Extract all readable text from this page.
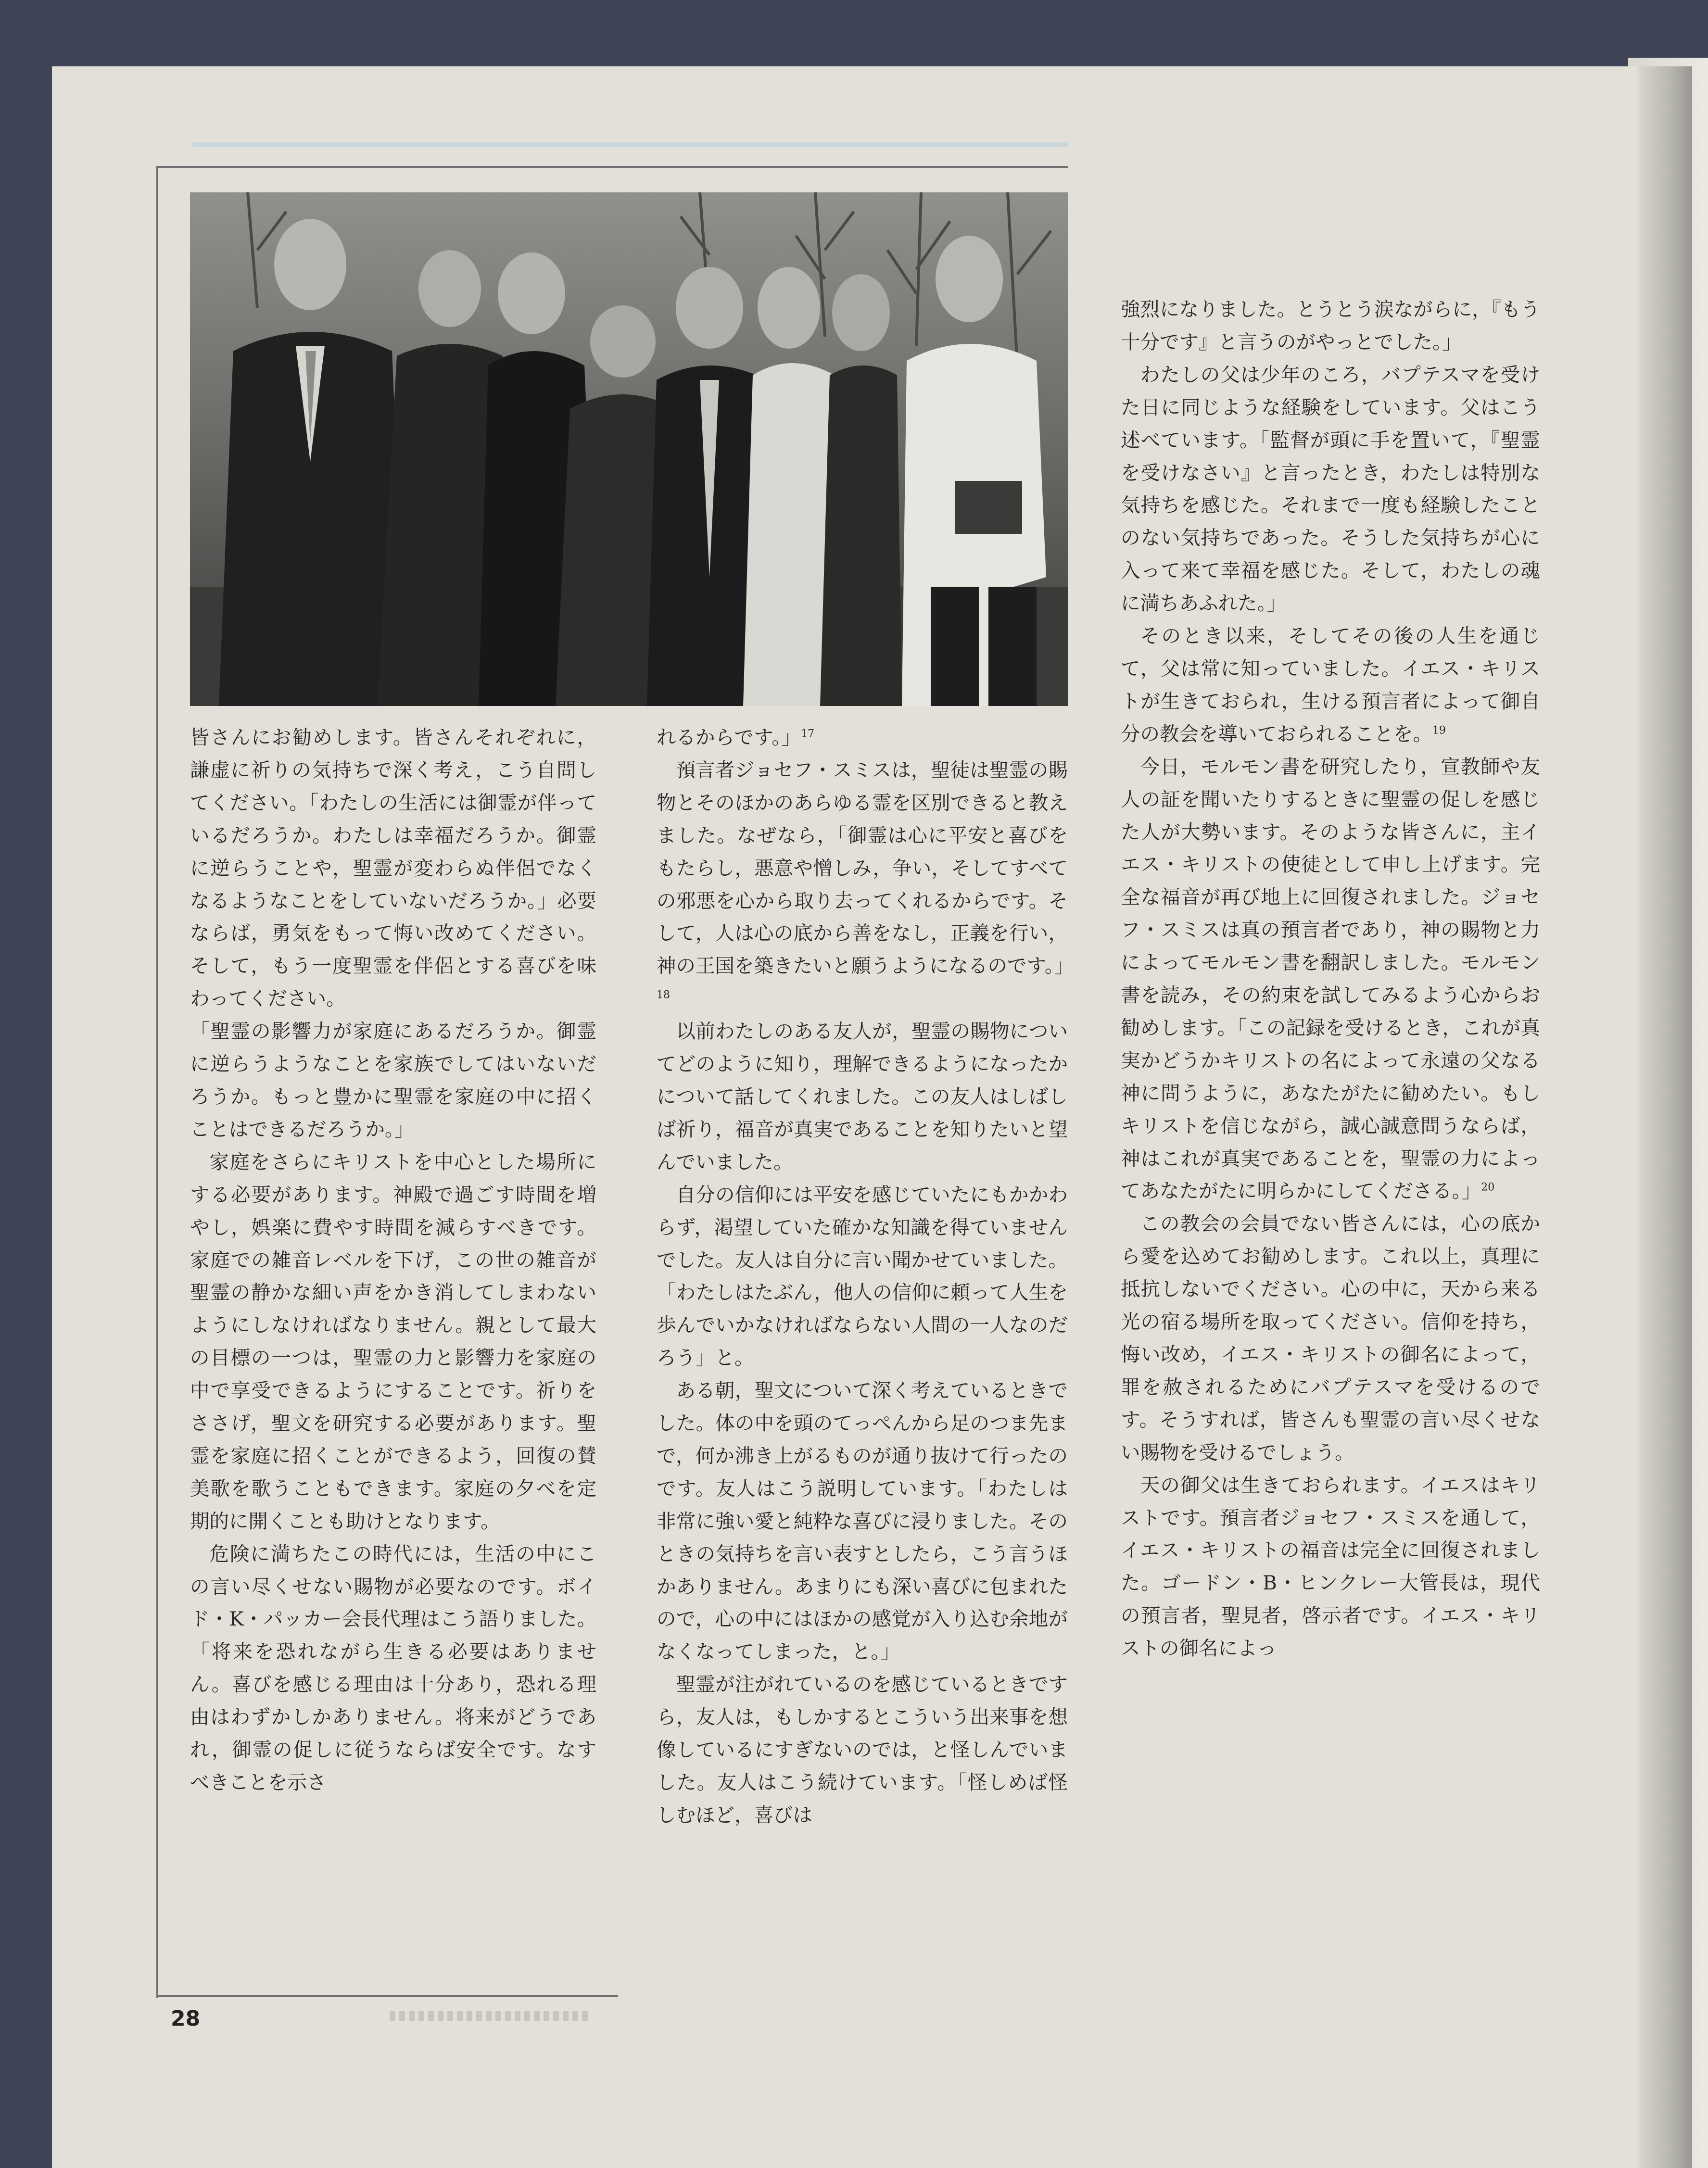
皆さんにお勧めします。皆さんそれぞれに，謙虚に祈りの気持ちで深く考え，こう自問してください。「わたしの生活には御霊が伴っているだろうか。わたしは幸福だろうか。御霊に逆らうことや，聖霊が変わらぬ伴侶でなくなるようなことをしていないだろうか。」必要ならば，勇気をもって悔い改めてください。そして，もう一度聖霊を伴侶とする喜びを味わってください。

「聖霊の影響力が家庭にあるだろうか。御霊に逆らうようなことを家族でしてはいないだろうか。もっと豊かに聖霊を家庭の中に招くことはできるだろうか。」

家庭をさらにキリストを中心とした場所にする必要があります。神殿で過ごす時間を増やし，娯楽に費やす時間を減らすべきです。家庭での雑音レベルを下げ，この世の雑音が聖霊の静かな細い声をかき消してしまわないようにしなければなりません。親として最大の目標の一つは，聖霊の力と影響力を家庭の中で享受できるようにすることです。祈りをささげ，聖文を研究する必要があります。聖霊を家庭に招くことができるよう，回復の賛美歌を歌うこともできます。家庭の夕べを定期的に開くことも助けとなります。

危険に満ちたこの時代には，生活の中にこの言い尽くせない賜物が必要なのです。ボイド・K・パッカー会長代理はこう語りました。「将来を恐れながら生きる必要はありません。喜びを感じる理由は十分あり，恐れる理由はわずかしかありません。将来がどうであれ，御霊の促しに従うならば安全です。なすべきことを示さ

れるからです。」$^{17}$

預言者ジョセフ・スミスは，聖徒は聖霊の賜物とそのほかのあらゆる霊を区別できると教えました。なぜなら，「御霊は心に平安と喜びをもたらし，悪意や憎しみ，争い，そしてすべての邪悪を心から取り去ってくれるからです。そして，人は心の底から善をなし，正義を行い，神の王国を築きたいと願うようになるのです。」$^{18}$

以前わたしのある友人が，聖霊の賜物についてどのように知り，理解できるようになったかについて話してくれました。この友人はしばしば祈り，福音が真実であることを知りたいと望んでいました。

自分の信仰には平安を感じていたにもかかわらず，渇望していた確かな知識を得ていませんでした。友人は自分に言い聞かせていました。「わたしはたぶん，他人の信仰に頼って人生を歩んでいかなければならない人間の一人なのだろう」と。

ある朝，聖文について深く考えているときでした。体の中を頭のてっぺんから足のつま先まで，何か沸き上がるものが通り抜けて行ったのです。友人はこう説明しています。「わたしは非常に強い愛と純粋な喜びに浸りました。そのときの気持ちを言い表すとしたら，こう言うほかありません。あまりにも深い喜びに包まれたので，心の中にはほかの感覚が入り込む余地がなくなってしまった，と。」

聖霊が注がれているのを感じているときですら，友人は，もしかするとこういう出来事を想像しているにすぎないのでは，と怪しんでいました。友人はこう続けています。「怪しめば怪しむほど，喜びは

強烈になりました。とうとう涙ながらに，『もう十分です』と言うのがやっとでした。」

わたしの父は少年のころ，バプテスマを受けた日に同じような経験をしています。父はこう述べています。「監督が頭に手を置いて，『聖霊を受けなさい』と言ったとき，わたしは特別な気持ちを感じた。それまで一度も経験したことのない気持ちであった。そうした気持ちが心に入って来て幸福を感じた。そして，わたしの魂に満ちあふれた。」

そのとき以来，そしてその後の人生を通じて，父は常に知っていました。イエス・キリストが生きておられ，生ける預言者によって御自分の教会を導いておられることを。$^{19}$

今日，モルモン書を研究したり，宣教師や友人の証を聞いたりするときに聖霊の促しを感じた人が大勢います。そのような皆さんに，主イエス・キリストの使徒として申し上げます。完全な福音が再び地上に回復されました。ジョセフ・スミスは真の預言者であり，神の賜物と力によってモルモン書を翻訳しました。モルモン書を読み，その約束を試してみるよう心からお勧めします。「この記録を受けるとき，これが真実かどうかキリストの名によって永遠の父なる神に問うように，あなたがたに勧めたい。もしキリストを信じながら，誠心誠意問うならば，神はこれが真実であることを，聖霊の力によってあなたがたに明らかにしてくださる。」$^{20}$

この教会の会員でない皆さんには，心の底から愛を込めてお勧めします。これ以上，真理に抵抗しないでください。心の中に，天から来る光の宿る場所を取ってください。信仰を持ち，悔い改め，イエス・キリストの御名によって，罪を赦されるためにバプテスマを受けるのです。そうすれば，皆さんも聖霊の言い尽くせない賜物を受けるでしょう。

天の御父は生きておられます。イエスはキリストです。預言者ジョセフ・スミスを通して，イエス・キリストの福音は完全に回復されました。ゴードン・B・ヒンクレー大管長は，現代の預言者，聖見者，啓示者です。イエス・キリストの御名によっ

28
